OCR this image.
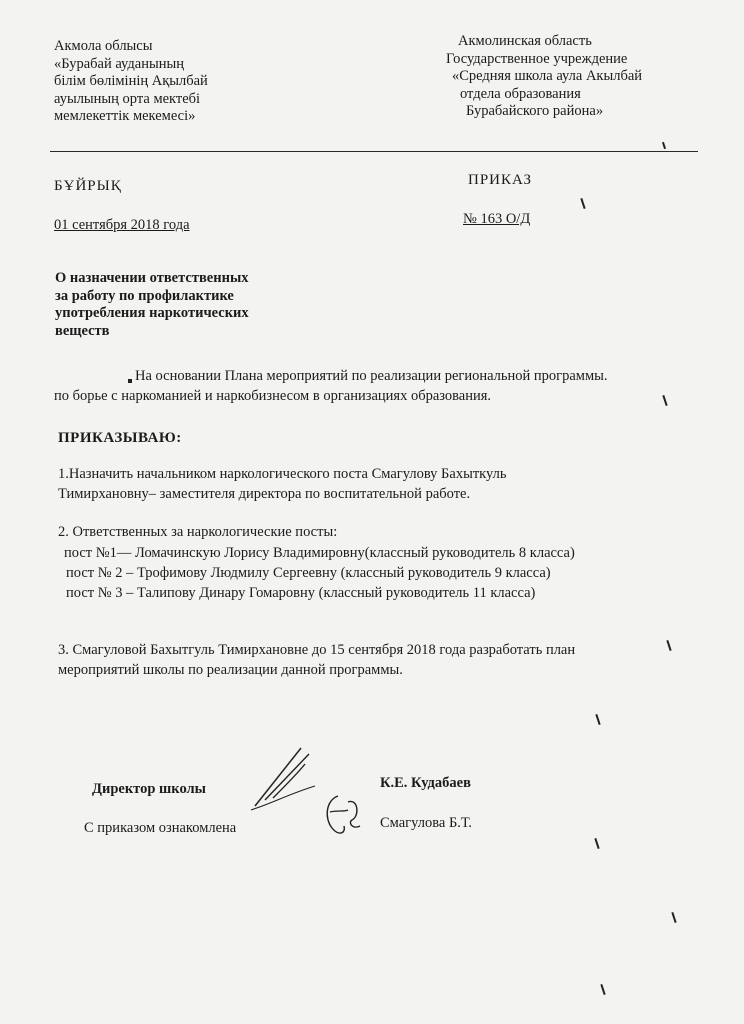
Акмола облысы
«Бурабай ауданының
білім бөлімінің Ақылбай
ауылының орта мектебі
мемлекеттік мекемесі»
Акмолинская область
Государственное учреждение
«Средняя школа аула Акылбай
отдела образования
Бурабайского района»

БҰЙРЫҚ	ПРИКАЗ

01 сентября 2018 года	№ 163 О/Д

О назначении ответственных
за работу по профилактике
употребления наркотических
веществ

На основании Плана мероприятий по реализации региональной программы.

по борье с наркоманией и наркобизнесом в организациях образования.

ПРИКАЗЫВАЮ:

1.Назначить начальником наркологического поста Смагулову Бахыткуль

Тимирхановну– заместителя директора по воспитательной работе.

2. Ответственных за наркологические посты:

пост №1— Ломачинскую Лорису Владимировну(классный руководитель 8 класса)

пост № 2 – Трофимову Людмилу Сергеевну (классный руководитель 9 класса)

пост № 3 – Талипову Динару Гомаровну (классный руководитель 11 класса)

3. Смагуловой Бахытгуль Тимирхановне до 15 сентября 2018 года разработать план

мероприятий школы по реализации данной программы.

Директор школы	К.Е. Кудабаев

С приказом ознакомлена	Смагулова Б.Т.
